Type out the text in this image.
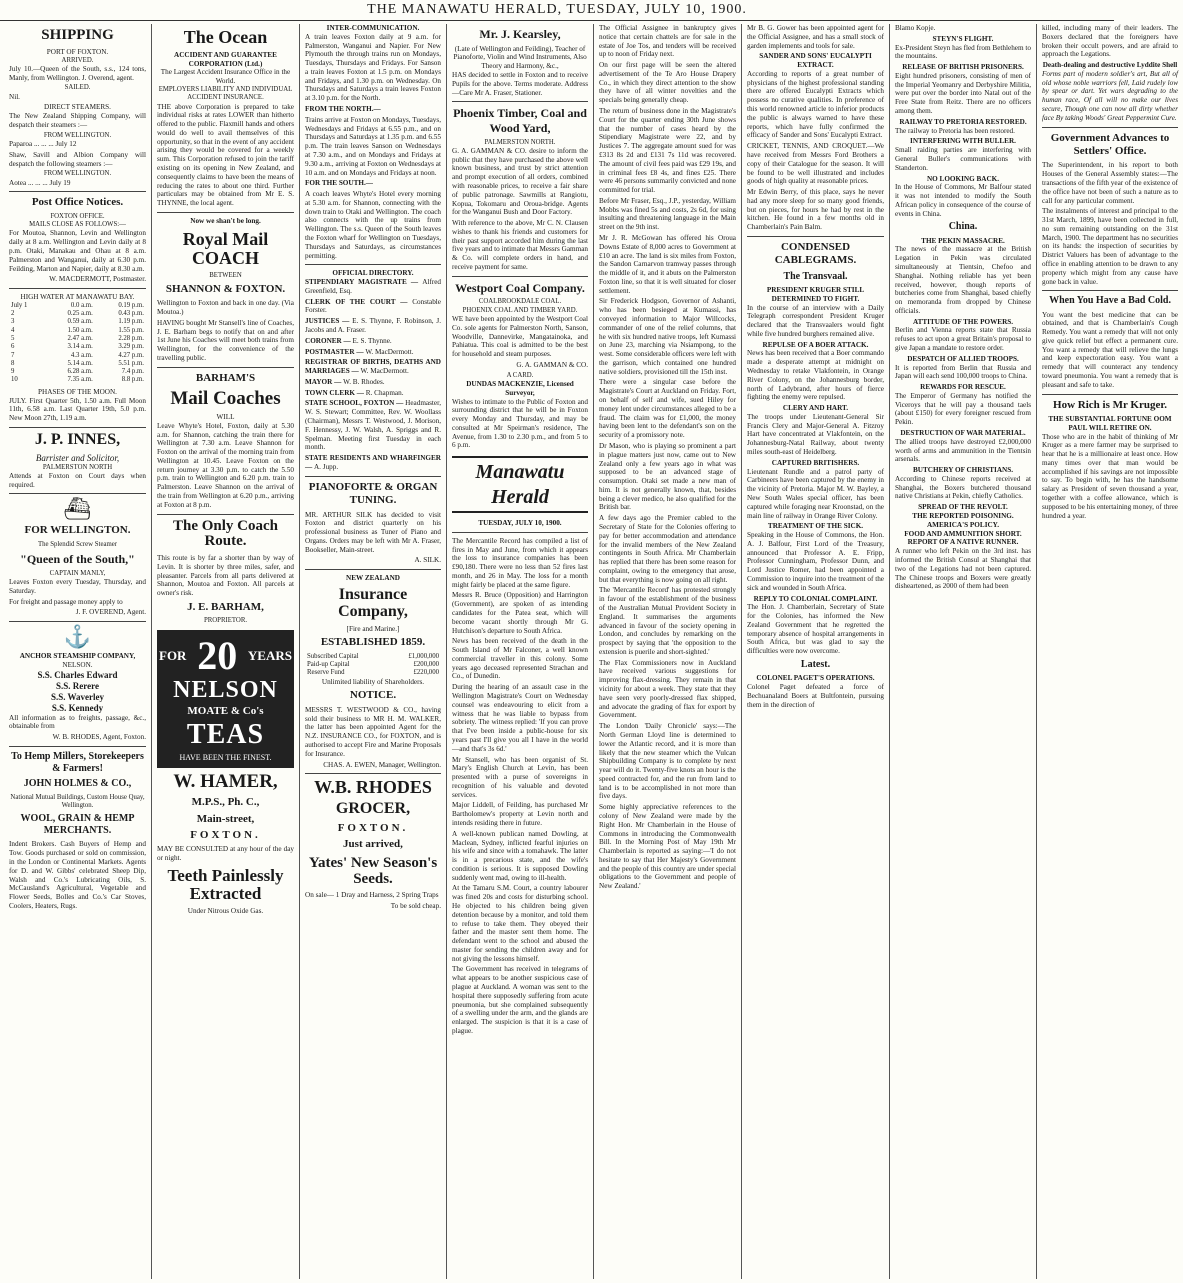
THE MANAWATU HERALD, TUESDAY, JULY 10, 1900.
SHIPPING
PORT OF FOXTON.
ARRIVED.
July 10.—Queen of the South, s.s., 124 tons, Manly, from Wellington. J. Overend, agent.
SAILED.
Nil.
DIRECT STEAMERS.
The New Zealand Shipping Company, will despatch their steamers :—
FROM WELLINGTON.
Paparoa ... ... ... July 12
Shaw, Savill and Albion Company will despatch the following steamers :—
FROM WELLINGTON.
Aotea ... ... ... July 19
Post Office Notices.
FOXTON OFFICE.
MAILS CLOSE AS FOLLOWS:—
For Moutoa, Shannon, Levin and Wellington daily at 8 a.m. Wellington and Levin daily at 8 p.m. Otaki, Manakau and Ohau at 8 a.m. Palmerston and Wanganui, daily at 6.30 p.m. Feilding, Marton and Napier, daily at 8.30 a.m.
W. MACDERMOTT, Postmaster.
HIGH WATER AT MANAWATU BAY.
July 1	0.0 a.m.	0.19 p.m.
2	0.25 a.m.	0.43 p.m.
3	0.59 a.m.	1.19 p.m.
4	1.50 a.m.	1.55 p.m.
5	2.47 a.m.	2.28 p.m.
6	3.14 a.m.	3.29 p.m.
7	4.3 a.m.	4.27 p.m.
8	5.14 a.m.	5.51 p.m.
9	6.28 a.m.	7.4 p.m.
10	7.35 a.m.	8.8 p.m.
PHASES OF THE MOON.
JULY. First Quarter 5th, 1.50 a.m. Full Moon 11th, 6.58 a.m. Last Quarter 19th, 5.0 p.m. New Moon 27th, 1.19 a.m.
J. P. INNES,
Barrister and Solicitor,
PALMERSTON NORTH
Attends at Foxton on Court days when required.
⛴
FOR WELLINGTON.
The Splendid Screw Steamer
"Queen of the South,"
CAPTAIN MANLY,
Leaves Foxton every Tuesday, Thursday, and Saturday.
For freight and passage money apply to
J. F. OVEREND, Agent.
⚓
ANCHOR STEAMSHIP COMPANY,
NELSON.
S.S. Charles Edward
S.S. Rerere
S.S. Waverley
S.S. Kennedy
All information as to freights, passage, &c., obtainable from
W. B. RHODES, Agent, Foxton.
To Hemp Millers, Storekeepers & Farmers!
JOHN HOLMES & CO.,
National Mutual Buildings, Custom House Quay, Wellington.
WOOL, GRAIN & HEMP MERCHANTS.
Indent Brokers. Cash Buyers of Hemp and Tow. Goods purchased or sold on commission, in the London or Continental Markets. Agents for D. and W. Gibbs' celebrated Sheep Dip, Walsh and Co.'s Lubricating Oils, S. McCausland's Agricultural, Vegetable and Flower Seeds, Bolles and Co.'s Car Stoves, Coolers, Heaters, Rugs.
The Ocean
ACCIDENT AND GUARANTEE CORPORATION (Ltd.)
The Largest Accident Insurance Office in the World.
EMPLOYERS LIABILITY AND INDIVIDUAL ACCIDENT INSURANCE.
THE above Corporation is prepared to take individual risks at rates LOWER than hitherto offered to the public. Flaxmill hands and others would do well to avail themselves of this opportunity, so that in the event of any accident arising they would be covered for a weekly sum. This Corporation refused to join the tariff existing on its opening in New Zealand, and consequently claims to have been the means of reducing the rates to about one third. Further particulars may be obtained from Mr E. S. THYNNE, the local agent.
Now we shan't be long.
Royal Mail COACH
BETWEEN
SHANNON & FOXTON.
Wellington to Foxton and back in one day. (Via Moutoa.)
HAVING bought Mr Stansell's line of Coaches, J. E. Barham begs to notify that on and after 1st June his Coaches will meet both trains from Wellington, for the convenience of the travelling public.
BARHAM'S
Mail Coaches
WILL
Leave Whyte's Hotel, Foxton, daily at 5.30 a.m. for Shannon, catching the train there for Wellington at 7.30 a.m. Leave Shannon for Foxton on the arrival of the morning train from Wellington at 10.45. Leave Foxton on the return journey at 3.30 p.m. to catch the 5.50 p.m. train to Wellington and 6.20 p.m. train to Palmerston. Leave Shannon on the arrival of the train from Wellington at 6.20 p.m., arriving at Foxton at 8 p.m.
The Only Coach Route.
This route is by far a shorter than by way of Levin. It is shorter by three miles, safer, and pleasanter. Parcels from all parts delivered at Shannon, Moutoa and Foxton. All parcels at owner's risk.
J. E. BARHAM,
PROPRIETOR.
FOR 20 YEARS
NELSON
MOATE & Co's
TEAS
HAVE BEEN THE FINEST.
W. HAMER,
M.P.S., Ph. C.,
Main-street,
FOXTON.
MAY BE CONSULTED at any hour of the day or night.
Teeth Painlessly Extracted
Under Nitrous Oxide Gas.
INTER-COMMUNICATION.
A train leaves Foxton daily at 9 a.m. for Palmerston, Wanganui and Napier. For New Plymouth the through trains run on Mondays, Tuesdays, Thursdays and Fridays. For Sanson a train leaves Foxton at 1.5 p.m. on Mondays and Fridays, and 1.30 p.m. on Wednesday. On Thursdays and Saturdays a train leaves Foxton at 3.10 p.m. for the North.
FROM THE NORTH.—
Trains arrive at Foxton on Mondays, Tuesdays, Wednesdays and Fridays at 6.55 p.m., and on Thursdays and Saturdays at 1.35 p.m. and 6.55 p.m. The train leaves Sanson on Wednesdays at 7.30 a.m., and on Mondays and Fridays at 9.30 a.m., arriving at Foxton on Wednesdays at 10 a.m. and on Mondays and Fridays at noon.
FOR THE SOUTH.—
A coach leaves Whyte's Hotel every morning at 5.30 a.m. for Shannon, connecting with the down train to Otaki and Wellington. The coach also connects with the up trains from Wellington. The s.s. Queen of the South leaves the Foxton wharf for Wellington on Tuesdays, Thursdays and Saturdays, as circumstances permitting.
OFFICIAL DIRECTORY.
STIPENDIARY MAGISTRATE — Alfred Greenfield, Esq.
CLERK OF THE COURT — Constable Forster.
JUSTICES — E. S. Thynne, F. Robinson, J. Jacobs and A. Fraser.
CORONER — E. S. Thynne.
POSTMASTER — W. MacDermott.
REGISTRAR OF BIRTHS, DEATHS AND MARRIAGES — W. MacDermott.
MAYOR — W. B. Rhodes.
TOWN CLERK — R. Chapman.
STATE SCHOOL, FOXTON — Headmaster, W. S. Stewart; Committee, Rev. W. Woollass (Chairman), Messrs T. Westwood, J. Morison, F. Hennessy, J. W. Walsh, A. Spriggs and R. Spelman. Meeting first Tuesday in each month.
STATE RESIDENTS AND WHARFINGER — A. Jupp.
PIANOFORTE & ORGAN TUNING.
MR. ARTHUR SILK has decided to visit Foxton and district quarterly on his professional business as Tuner of Piano and Organs. Orders may be left with Mr A. Fraser, Bookseller, Main-street.
A. SILK.
NEW ZEALAND
Insurance Company,
[Fire and Marine.]
ESTABLISHED 1859.
Subscribed Capital	£1,000,000
Paid-up Capital	£200,000
Reserve Fund	£220,000
Unlimited liability of Shareholders.
NOTICE.
MESSRS T. WESTWOOD & CO., having sold their business to MR H. M. WALKER, the latter has been appointed Agent for the N.Z. INSURANCE CO., for FOXTON, and is authorised to accept Fire and Marine Proposals for Insurance.
CHAS. A. EWEN, Manager, Wellington.
W.B. RHODES
GROCER,
FOXTON.
Just arrived,
Yates' New Season's Seeds.
On sale— 1 Dray and Harness, 2 Spring Traps
To be sold cheap.
Mr. J. Kearsley,
(Late of Wellington and Feilding), Teacher of Pianoforte, Violin and Wind Instruments, Also Theory and Harmony, &c.,
HAS decided to settle in Foxton and to receive Pupils for the above. Terms moderate. Address—Care Mr A. Fraser, Stationer.
Phoenix Timber, Coal and Wood Yard,
PALMERSTON NORTH.
G. A. GAMMAN & CO. desire to inform the public that they have purchased the above well known business, and trust by strict attention and prompt execution of all orders, combined with reasonable prices, to receive a fair share of public patronage. Sawmills at Rangiotu, Kopua, Tokomaru and Oroua-bridge. Agents for the Wanganui Bush and Door Factory.
With reference to the above, Mr C. N. Clausen wishes to thank his friends and customers for their past support accorded him during the last five years and to intimate that Messrs Gamman & Co. will complete orders in hand, and receive payment for same.
Westport Coal Company.
COALBROOKDALE COAL.
PHOENIX COAL AND TIMBER YARD.
WE have been appointed by the Westport Coal Co. sole agents for Palmerston North, Sanson, Woodville, Dannevirke, Mangatainoka, and Pahiatua. This coal is admitted to be the best for household and steam purposes.
G. A. GAMMAN & CO.
A CARD.
DUNDAS MACKENZIE, Licensed Surveyor,
Wishes to intimate to the Public of Foxton and surrounding district that he will be in Foxton every Monday and Thursday, and may be consulted at Mr Speirman's residence, The Avenue, from 1.30 to 2.30 p.m., and from 5 to 6 p.m.
Manawatu Herald
TUESDAY, JULY 10, 1900.
The Mercantile Record has compiled a list of fires in May and June, from which it appears the loss to insurance companies has been £90,180. There were no less than 52 fires last month, and 26 in May. The loss for a month might fairly be placed at the same figure.
Messrs R. Bruce (Opposition) and Harrington (Government), are spoken of as intending candidates for the Patea seat, which will become vacant shortly through Mr G. Hutchison's departure to South Africa.
News has been received of the death in the South Island of Mr Falconer, a well known commercial traveller in this colony. Some years ago deceased represented Strachan and Co., of Dunedin.
During the hearing of an assault case in the Wellington Magistrate's Court on Wednesday counsel was endeavouring to elicit from a witness that he was liable to bypass from sobriety. The witness replied: 'If you can prove that I've been inside a public-house for six years past I'll give you all I have in the world—and that's 3s 6d.'
Mr Stansell, who has been organist of St. Mary's English Church at Levin, has been presented with a purse of sovereigns in recognition of his valuable and devoted services.
Major Liddell, of Feilding, has purchased Mr Bartholomew's property at Levin north and intends residing there in future.
A well-known publican named Dowling, at Maclean, Sydney, inflicted fearful injuries on his wife and since with a tomahawk. The latter is in a precarious state, and the wife's condition is serious. It is supposed Dowling suddenly went mad, owing to ill-health.
At the Tamaru S.M. Court, a country labourer was fined 20s and costs for disturbing school. He objected to his children being given detention because by a monitor, and told them to refuse to take them. They obeyed their father and the master sent them home. The defendant went to the school and abused the master for sending the children away and for not giving the lessons himself.
The Government has received in telegrams of what appears to be another suspicious case of plague at Auckland. A woman was sent to the hospital there supposedly suffering from acute pneumonia, but she complained subsequently of a swelling under the arm, and the glands are enlarged. The suspicion is that it is a case of plague.
The Official Assignee in bankruptcy gives notice that certain chattels are for sale in the estate of Joe Tos, and tenders will be received up to noon of Friday next.
On our first page will be seen the altered advertisement of the Te Aro House Drapery Co., in which they direct attention to the show they have of all winter novelties and the specials being generally cheap.
The return of business done in the Magistrate's Court for the quarter ending 30th June shows that the number of cases heard by the Stipendiary Magistrate were 22, and by Justices 7. The aggregate amount sued for was £313 8s 2d and £131 7s 11d was recovered. The amount of civil fees paid was £29 19s, and in criminal fees £8 4s, and fines £25. There were 46 persons summarily convicted and none committed for trial.
Before Mr Fraser, Esq., J.P., yesterday, William Mobbs was fined 5s and costs, 2s 6d, for using insulting and threatening language in the Main street on the 9th inst.
Mr J. R. McGowan has offered his Oroua Downs Estate of 8,000 acres to Government at £10 an acre. The land is six miles from Foxton, the Sandon Carnarvon tramway passes through the middle of it, and it abuts on the Palmerston Foxton line, so that it is well situated for closer settlement.
Sir Frederick Hodgson, Governor of Ashanti, who has been besieged at Kumassi, has conveyed information to Major Willcocks, commander of one of the relief columns, that he with six hundred native troops, left Kumassi on June 23, marching via Nsiampong, to the west. Some considerable officers were left with the garrison, which contained one hundred native soldiers, provisioned till the 15th inst.
There were a singular case before the Magistrate's Court at Auckland on Friday. Fort, on behalf of self and wife, sued Hiley for money lent under circumstances alleged to be a fraud. The claim was for £1,000, the money having been lent to the defendant's son on the security of a promissory note.
Dr Mason, who is playing so prominent a part in plague matters just now, came out to New Zealand only a few years ago in what was supposed to be an advanced stage of consumption. Otaki set made a new man of him. It is not generally known, that, besides being a clever medico, he also qualified for the British bar.
A few days ago the Premier cabled to the Secretary of State for the Colonies offering to pay for better accommodation and attendance for the invalid members of the New Zealand contingents in South Africa. Mr Chamberlain has replied that there has been some reason for complaint, owing to the emergency that arose, but that everything is now going on all right.
The 'Mercantile Record' has protested strongly in favour of the establishment of the business of the Australian Mutual Provident Society in England. It summarises the arguments advanced in favour of the society opening in London, and concludes by remarking on the prospect by saying that 'the opposition to the extension is puerile and short-sighted.'
The Flax Commissioners now in Auckland have received various suggestions for improving flax-dressing. They remain in that vicinity for about a week. They state that they have seen very poorly-dressed flax shipped, and advocate the grading of flax for export by Government.
The London 'Daily Chronicle' says:—The North German Lloyd line is determined to lower the Atlantic record, and it is more than likely that the new steamer which the Vulcan Shipbuilding Company is to complete by next year will do it. Twenty-five knots an hour is the speed contracted for, and the run from land to land is to be accomplished in not more than five days.
Some highly appreciative references to the colony of New Zealand were made by the Right Hon. Mr Chamberlain in the House of Commons in introducing the Commonwealth Bill. In the Morning Post of May 19th Mr Chamberlain is reported as saying:—'I do not hesitate to say that Her Majesty's Government and the people of this country are under special obligations to the Government and people of New Zealand.'
Mr B. G. Gower has been appointed agent for the Official Assignee, and has a small stock of garden implements and tools for sale.
SANDER AND SONS' EUCALYPTI EXTRACT.
According to reports of a great number of physicians of the highest professional standing there are offered Eucalypti Extracts which possess no curative qualities. In preference of this world renowned article to inferior products the public is always warned to have these reports, which have fully confirmed the efficacy of Sander and Sons' Eucalypti Extract.
CRICKET, TENNIS, AND CROQUET.—We have received from Messrs Ford Brothers a copy of their Catalogue for the season. It will be found to be well illustrated and includes goods of high quality at reasonable prices.
Mr Edwin Berry, of this place, says he never had any more sleep for so many good friends, but on pieces, for hours he had by rest in the kitchen. He found in a few months old in Chamberlain's Pain Balm.
CONDENSED CABLEGRAMS.
The Transvaal.
PRESIDENT KRUGER STILL DETERMINED TO FIGHT.
In the course of an interview with a Daily Telegraph correspondent President Kruger declared that the Transvaalers would fight while five hundred burghers remained alive.
REPULSE OF A BOER ATTACK.
News has been received that a Boer commando made a desperate attempt at midnight on Wednesday to retake Vlakfontein, in Orange River Colony, on the Johannesburg border, north of Ladybrand, after hours of fierce fighting the enemy were repulsed.
CLERY AND HART.
The troops under Lieutenant-General Sir Francis Clery and Major-General A. Fitzroy Hart have concentrated at Vlakfontein, on the Johannesburg-Natal Railway, about twenty miles south-east of Heidelberg.
CAPTURED BRITISHERS.
Lieutenant Rundle and a patrol party of Carbineers have been captured by the enemy in the vicinity of Pretoria. Major M. W. Bayley, a New South Wales special officer, has been captured while foraging near Kroonstad, on the main line of railway in Orange River Colony.
TREATMENT OF THE SICK.
Speaking in the House of Commons, the Hon. A. J. Balfour, First Lord of the Treasury, announced that Professor A. E. Fripp, Professor Cunningham, Professor Dunn, and Lord Justice Romer, had been appointed a Commission to inquire into the treatment of the sick and wounded in South Africa.
REPLY TO COLONIAL COMPLAINT.
The Hon. J. Chamberlain, Secretary of State for the Colonies, has informed the New Zealand Government that he regretted the temporary absence of hospital arrangements in South Africa, but was glad to say the difficulties were now overcome.
Latest.
COLONEL PAGET'S OPERATIONS.
Colonel Paget defeated a force of Bechuanaland Boers at Bultfontein, pursuing them in the direction of
Blamo Kopje.
STEYN'S FLIGHT.
Ex-President Steyn has fled from Bethlehem to the mountains.
RELEASE OF BRITISH PRISONERS.
Eight hundred prisoners, consisting of men of the Imperial Yeomanry and Derbyshire Militia, were put over the border into Natal out of the Free State from Reitz. There are no officers among them.
RAILWAY TO PRETORIA RESTORED.
The railway to Pretoria has been restored.
INTERFERING WITH BULLER.
Small raiding parties are interfering with General Buller's communications with Standerton.
NO LOOKING BACK.
In the House of Commons, Mr Balfour stated it was not intended to modify the South African policy in consequence of the course of events in China.
China.
THE PEKIN MASSACRE.
The news of the massacre at the British Legation in Pekin was circulated simultaneously at Tientsin, Chefoo and Shanghai. Nothing reliable has yet been received, however, though reports of butcheries come from Shanghai, based chiefly on memoranda from dropped by Chinese officials.
ATTITUDE OF THE POWERS.
Berlin and Vienna reports state that Russia refuses to act upon a great Britain's proposal to give Japan a mandate to restore order.
DESPATCH OF ALLIED TROOPS.
It is reported from Berlin that Russia and Japan will each send 100,000 troops to China.
REWARDS FOR RESCUE.
The Emperor of Germany has notified the Viceroys that he will pay a thousand taels (about £150) for every foreigner rescued from Pekin.
DESTRUCTION OF WAR MATERIAL.
The allied troops have destroyed £2,000,000 worth of arms and ammunition in the Tientsin arsenals.
BUTCHERY OF CHRISTIANS.
According to Chinese reports received at Shanghai, the Boxers butchered thousand native Christians at Pekin, chiefly Catholics.
SPREAD OF THE REVOLT.
THE REPORTED POISONING.
AMERICA'S POLICY.
FOOD AND AMMUNITION SHORT.
REPORT OF A NATIVE RUNNER.
A runner who left Pekin on the 3rd inst. has informed the British Consul at Shanghai that two of the Legations had not been captured. The Chinese troops and Boxers were greatly disheartened, as 2000 of them had been
killed, including many of their leaders. The Boxers declared that the foreigners have broken their occult powers, and are afraid to approach the Legations.
Death-dealing and destructive Lyddite Shell
Forms part of modern soldier's art, But all of old whose noble warriors fell, Laid rudely low by spear or dart. Yet wars degrading to the human race, Of all will no make our lives secure, Though one can now all dirty whether face By taking Woods' Great Peppermint Cure.
Government Advances to Settlers' Office.
The Superintendent, in his report to both Houses of the General Assembly states:—The transactions of the fifth year of the existence of the office have not been of such a nature as to call for any particular comment.
The instalments of interest and principal to the 31st March, 1899, have been collected in full, no sum remaining outstanding on the 31st March, 1900. The department has no securities on its hands: the inspection of securities by District Valuers has been of advantage to the office in enabling attention to be drawn to any property which might from any cause have gone back in value.
When You Have a Bad Cold.
You want the best medicine that can be obtained, and that is Chamberlain's Cough Remedy. You want a remedy that will not only give quick relief but effect a permanent cure. You want a remedy that will relieve the lungs and keep expectoration easy. You want a remedy that will counteract any tendency toward pneumonia. You want a remedy that is pleasant and safe to take.
How Rich is Mr Kruger.
THE SUBSTANTIAL FORTUNE OOM PAUL WILL RETIRE ON.
Those who are in the habit of thinking of Mr Kruger as a mere farmer may be surprised to hear that he is a millionaire at least once. How many times over that man would be accomplished if his savings are not impossible to say. To begin with, he has the handsome salary as President of seven thousand a year, together with a coffee allowance, which is supposed to be his entertaining money, of three hundred a year.
